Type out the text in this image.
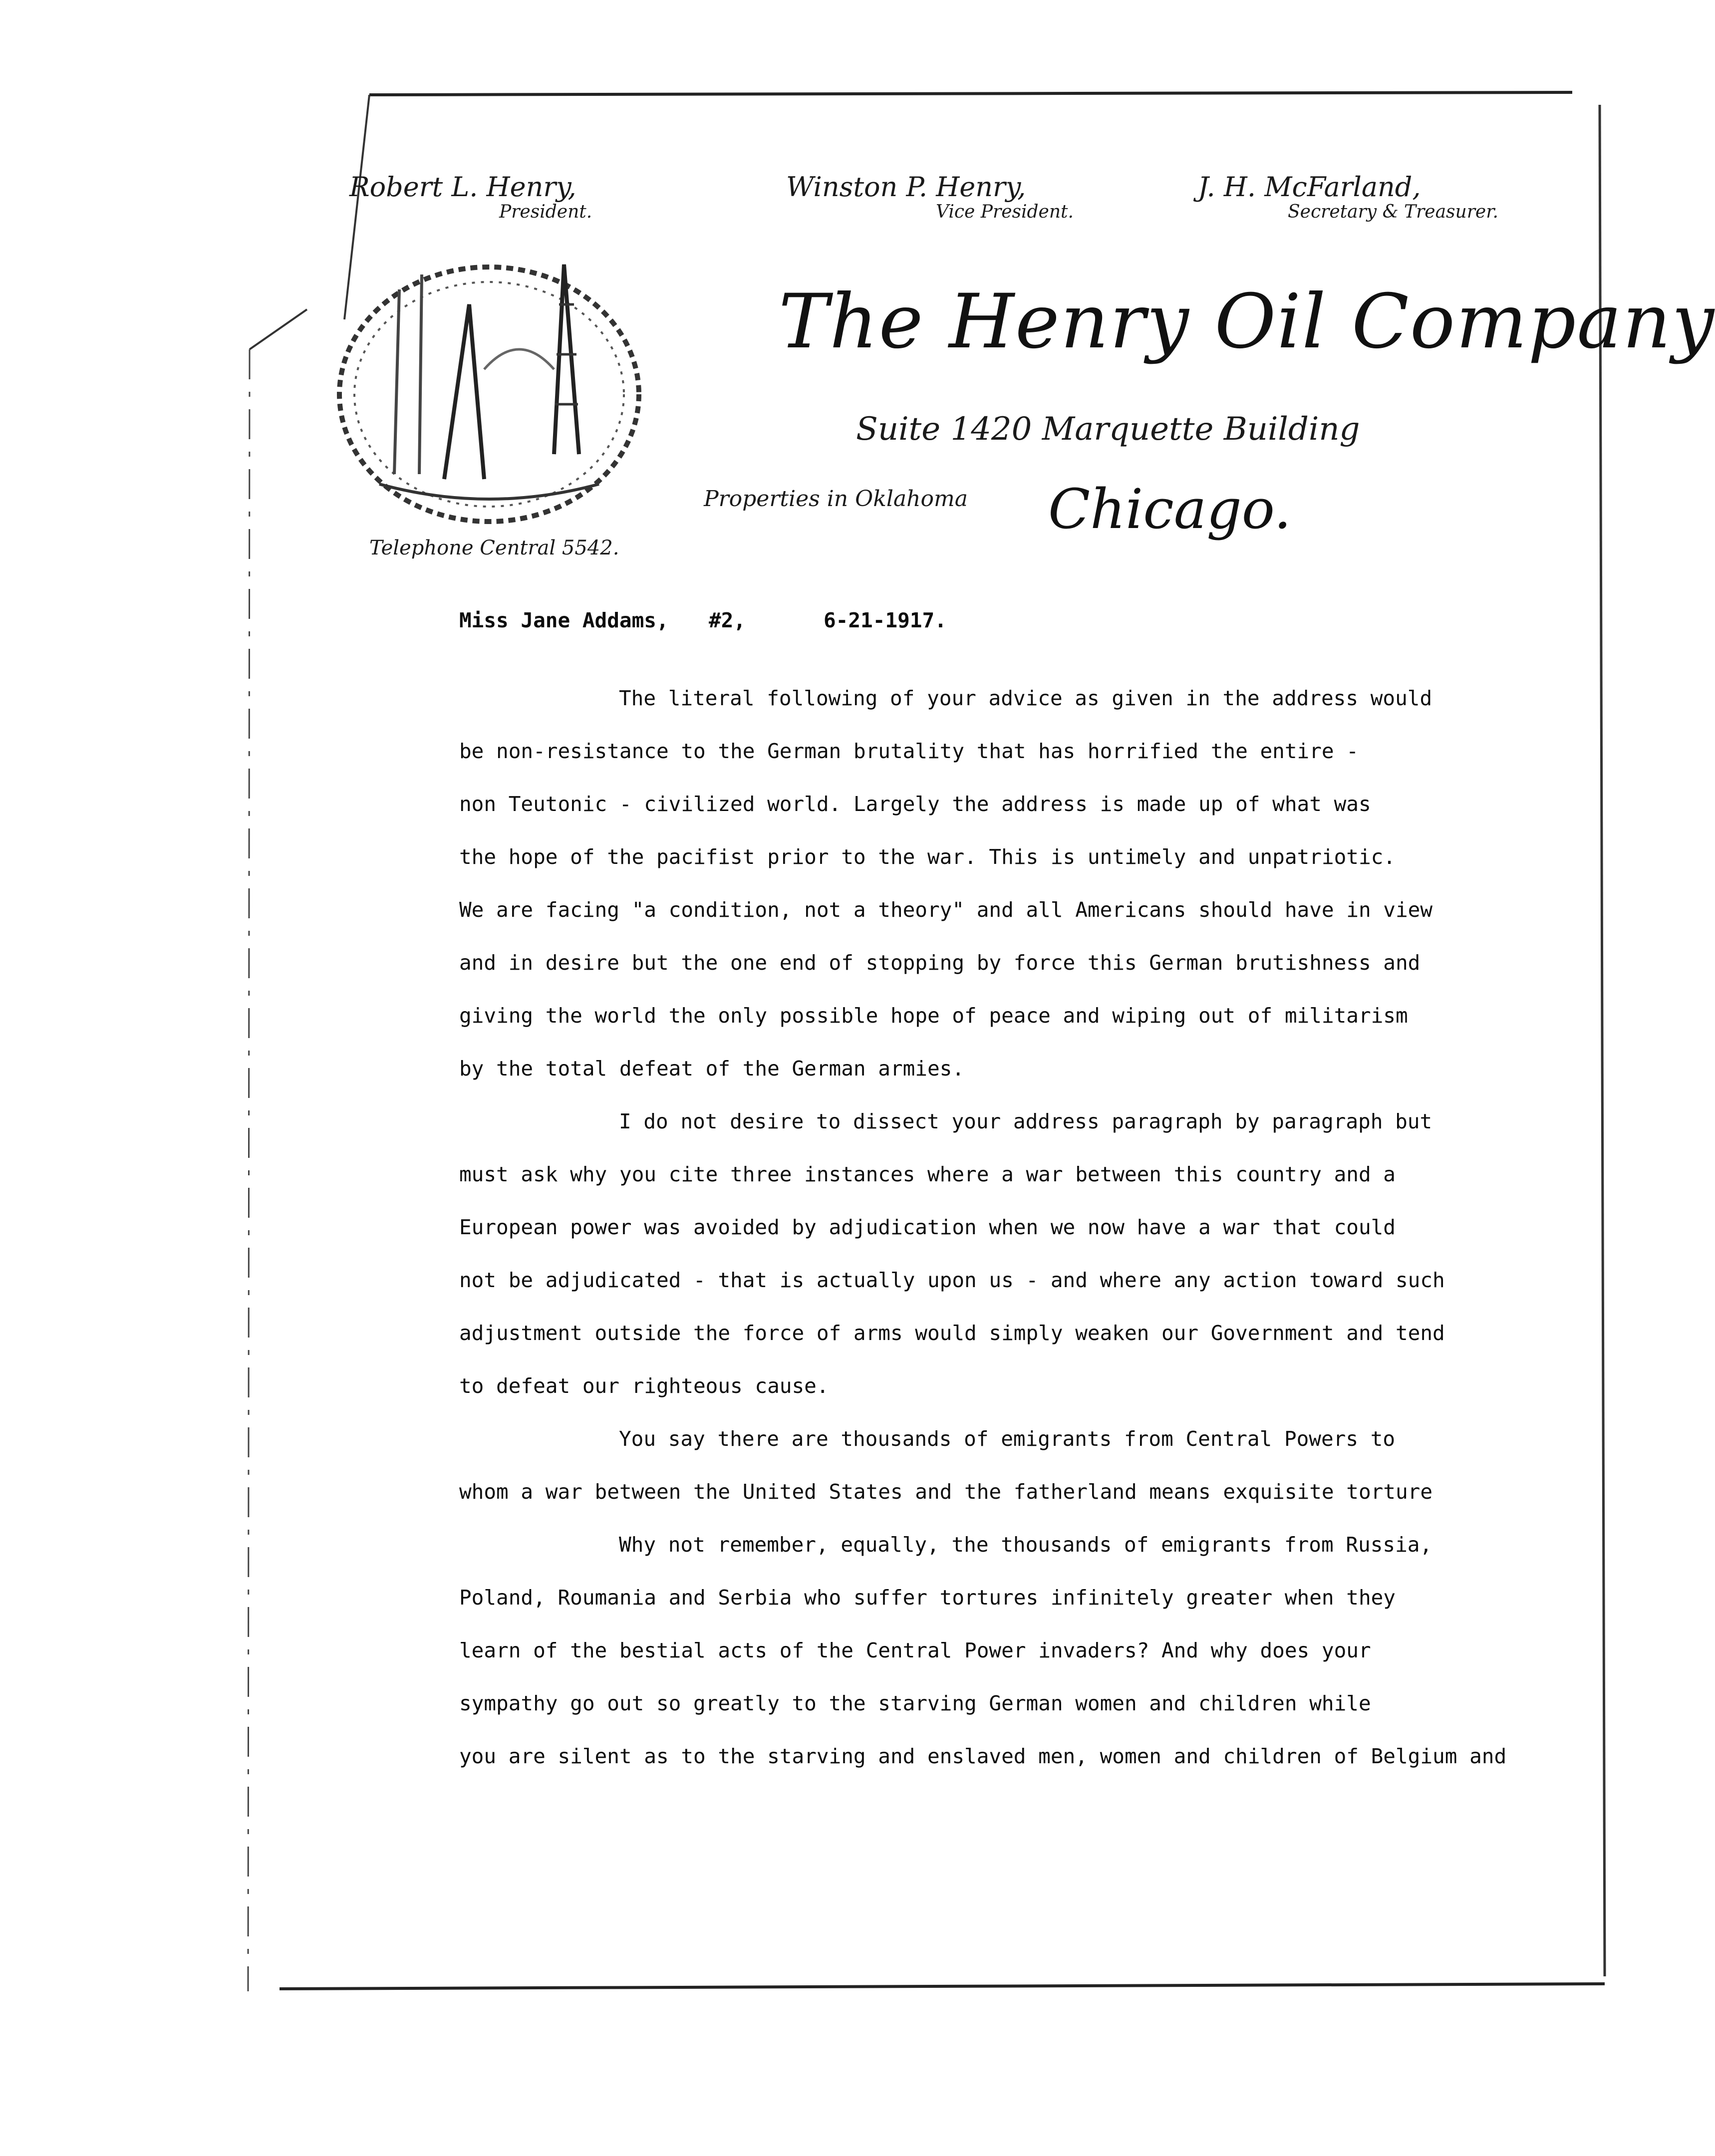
Robert L. Henry,
President.
Winston P. Henry,
Vice President.
J. H. McFarland,
Secretary & Treasurer.
The Henry Oil Company
Suite 1420 Marquette Building
Properties in Oklahoma Chicago.
Telephone Central 5542.
Miss Jane Addams, #2,	6-21-1917.
The literal following of your advice as given in the address would
be non-resistance to the German brutality that has horrified the entire -
non Teutonic - civilized world. Largely the address is made up of what was
the hope of the pacifist prior to the war. This is untimely and unpatriotic.
We are facing "a condition, not a theory" and all Americans should have in view
and in desire but the one end of stopping by force this German brutishness and
giving the world the only possible hope of peace and wiping out of militarism
by the total defeat of the German armies.
I do not desire to dissect your address paragraph by paragraph but
must ask why you cite three instances where a war between this country and a
European power was avoided by adjudication when we now have a war that could
not be adjudicated - that is actually upon us - and where any action toward such
adjustment outside the force of arms would simply weaken our Government and tend
to defeat our righteous cause.
You say there are thousands of emigrants from Central Powers to
whom a war between the United States and the fatherland means exquisite torture
Why not remember, equally, the thousands of emigrants from Russia,
Poland, Roumania and Serbia who suffer tortures infinitely greater when they
learn of the bestial acts of the Central Power invaders? And why does your
sympathy go out so greatly to the starving German women and children while
you are silent as to the starving and enslaved men, women and children of Belgium and
